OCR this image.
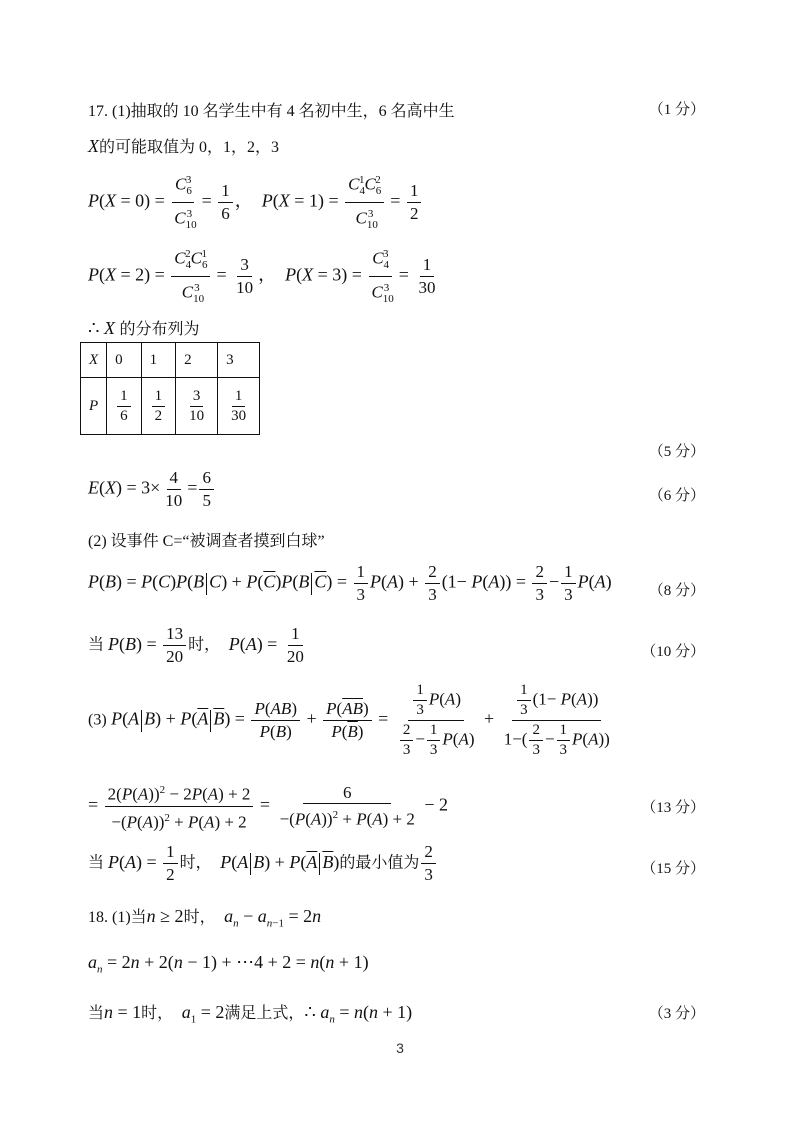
17. (1)抽取的 10 名学生中有 4 名初中生，6 名高中生	（1 分）
X的可能取值为 0，1，2，3
$P(X = 0) = \frac{C_6^3}{C_{10}^3} = \frac{1}{6}$ ，  $P(X = 1) = \frac{C_4^1C_6^2}{C_{10}^3} = \frac{1}{2}$
$P(X = 2) = \frac{C_4^2C_6^1}{C_{10}^3} = \frac{3}{10}$ ，  $P(X = 3) = \frac{C_4^3}{C_{10}^3} = \frac{1}{30}$
∴ X 的分布列为
X	0	1	2	3
P	$\frac{1}{6}$	$\frac{1}{2}$	$\frac{3}{10}$	$\frac{1}{30}$
（5 分）
$E(X) = 3\times \frac{4}{10} = \frac{6}{5}$	（6 分）
(2) 设事件 C=“被调查者摸到白球”
P(B) = P(C)P(B $C) + P(\overline{C})P(B$ $\overline{C}) = \frac{1}{3} P(A) + \frac{2}{3} (1- P(A)) = \frac{2}{3} - \frac{1}{3} P(A)$	（8 分）
当 $P(B) = \frac{13}{20}$ 时， $P(A) = \frac{1}{20}$	（10 分）
(3) P(A $B) + P(\overline{A}$ $\overline{B}) = \frac{P(AB)}{P(B)} + \frac{P(\overline{AB})}{P(\overline{B})} = \frac{\frac{1}{3} P(A)}{\frac{2}{3} - \frac{1}{3} P(A)} + \frac{\frac{1}{3} (1- P(A))}{1-( \frac{2}{3} - \frac{1}{3} P(A))}$
= $\frac{2(P(A))^2 - 2P(A) + 2}{-(P(A))^2 + P(A) + 2} = \frac{6}{-(P(A))^2 + P(A) + 2} - 2$	（13 分）
当 $P(A) = \frac{1}{2}$ 时， P(A $B) + P(\overline{A}$ $\overline{B}$)的最小值为 $\frac{2}{3}$	（15 分）
18. (1)当n ≥ 2时， $a_n - a_{n-1} = 2n$
$a_n = 2n + 2(n - 1)$ + ⋯4 + 2 = n(n + 1)
当n = 1时， $a_1 = 2$满足上式，∴ $a_n = n(n + 1)$	（3 分）
3
